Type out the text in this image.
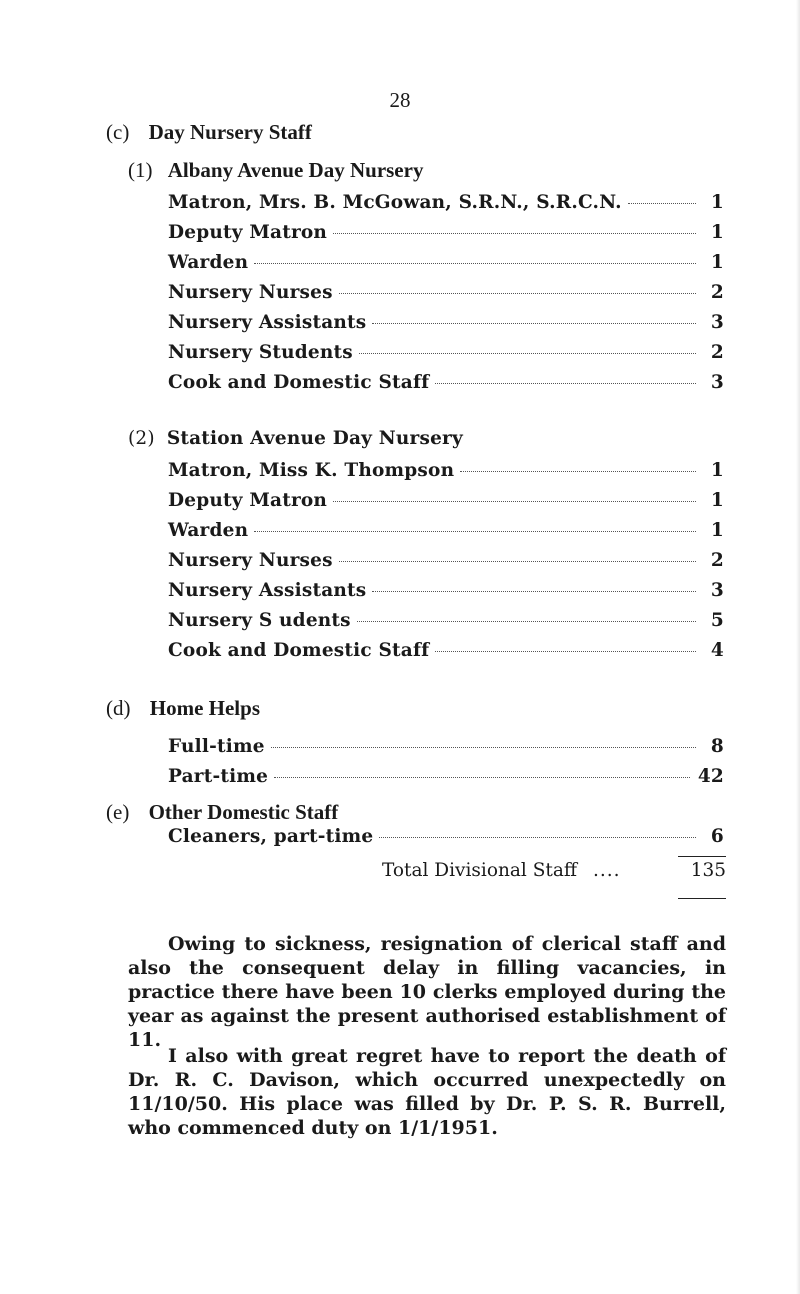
28
(c) Day Nursery Staff
(1) Albany Avenue Day Nursery
Matron, Mrs. B. McGowan, S.R.N., S.R.C.N.	1
Deputy Matron	1
Warden	1
Nursery Nurses	2
Nursery Assistants	3
Nursery Students	2
Cook and Domestic Staff	3
(2) Station Avenue Day Nursery
Matron, Miss K. Thompson	1
Deputy Matron	1
Warden	1
Nursery Nurses	2
Nursery Assistants	3
Nursery S udents	5
Cook and Domestic Staff	4
(d) Home Helps
Full-time	8
Part-time	42
(e) Other Domestic Staff
Cleaners, part-time	6
Total Divisional Staff ....	135
Owing to sickness, resignation of clerical staff and also the consequent delay in filling vacancies, in practice there have been 10 clerks employed during the year as against the present authorised establishment of 11.
I also with great regret have to report the death of Dr. R. C. Davison, which occurred unexpectedly on 11/10/50. His place was filled by Dr. P. S. R. Burrell, who commenced duty on 1/1/1951.
